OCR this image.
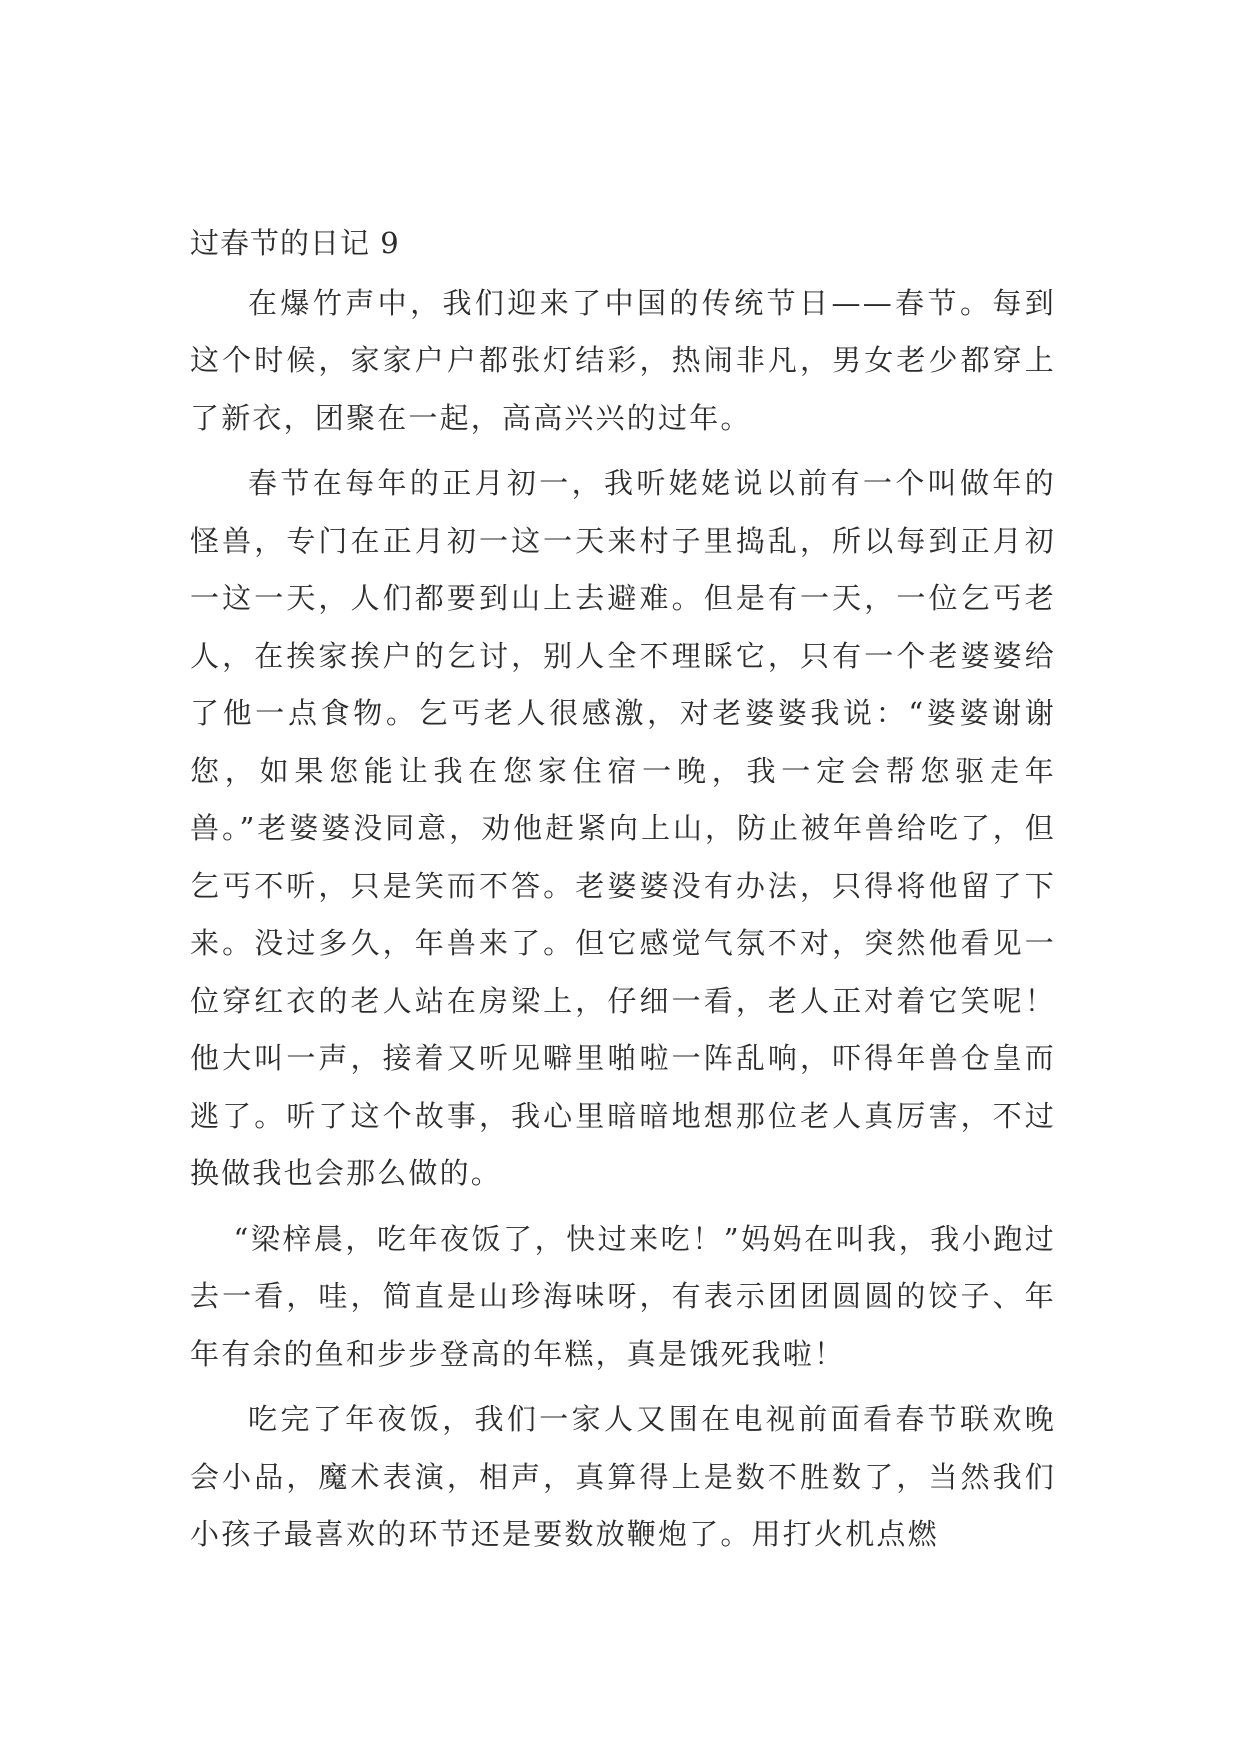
过春节的日记 9

在爆竹声中，我们迎来了中国的传统节日——春节。每到这个时候，家家户户都张灯结彩，热闹非凡，男女老少都穿上了新衣，团聚在一起，高高兴兴的过年。

春节在每年的正月初一，我听姥姥说以前有一个叫做年的怪兽，专门在正月初一这一天来村子里捣乱，所以每到正月初一这一天，人们都要到山上去避难。但是有一天，一位乞丐老人，在挨家挨户的乞讨，别人全不理睬它，只有一个老婆婆给了他一点食物。乞丐老人很感激，对老婆婆我说：“婆婆谢谢您，如果您能让我在您家住宿一晚，我一定会帮您驱走年兽。”老婆婆没同意，劝他赶紧向上山，防止被年兽给吃了，但乞丐不听，只是笑而不答。老婆婆没有办法，只得将他留了下来。没过多久，年兽来了。但它感觉气氛不对，突然他看见一位穿红衣的老人站在房梁上，仔细一看，老人正对着它笑呢！他大叫一声，接着又听见噼里啪啦一阵乱响，吓得年兽仓皇而逃了。听了这个故事，我心里暗暗地想那位老人真厉害，不过换做我也会那么做的。

“梁梓晨，吃年夜饭了，快过来吃！”妈妈在叫我，我小跑过去一看，哇，简直是山珍海味呀，有表示团团圆圆的饺子、年年有余的鱼和步步登高的年糕，真是饿死我啦！

吃完了年夜饭，我们一家人又围在电视前面看春节联欢晚会小品，魔术表演，相声，真算得上是数不胜数了，当然我们小孩子最喜欢的环节还是要数放鞭炮了。用打火机点燃
